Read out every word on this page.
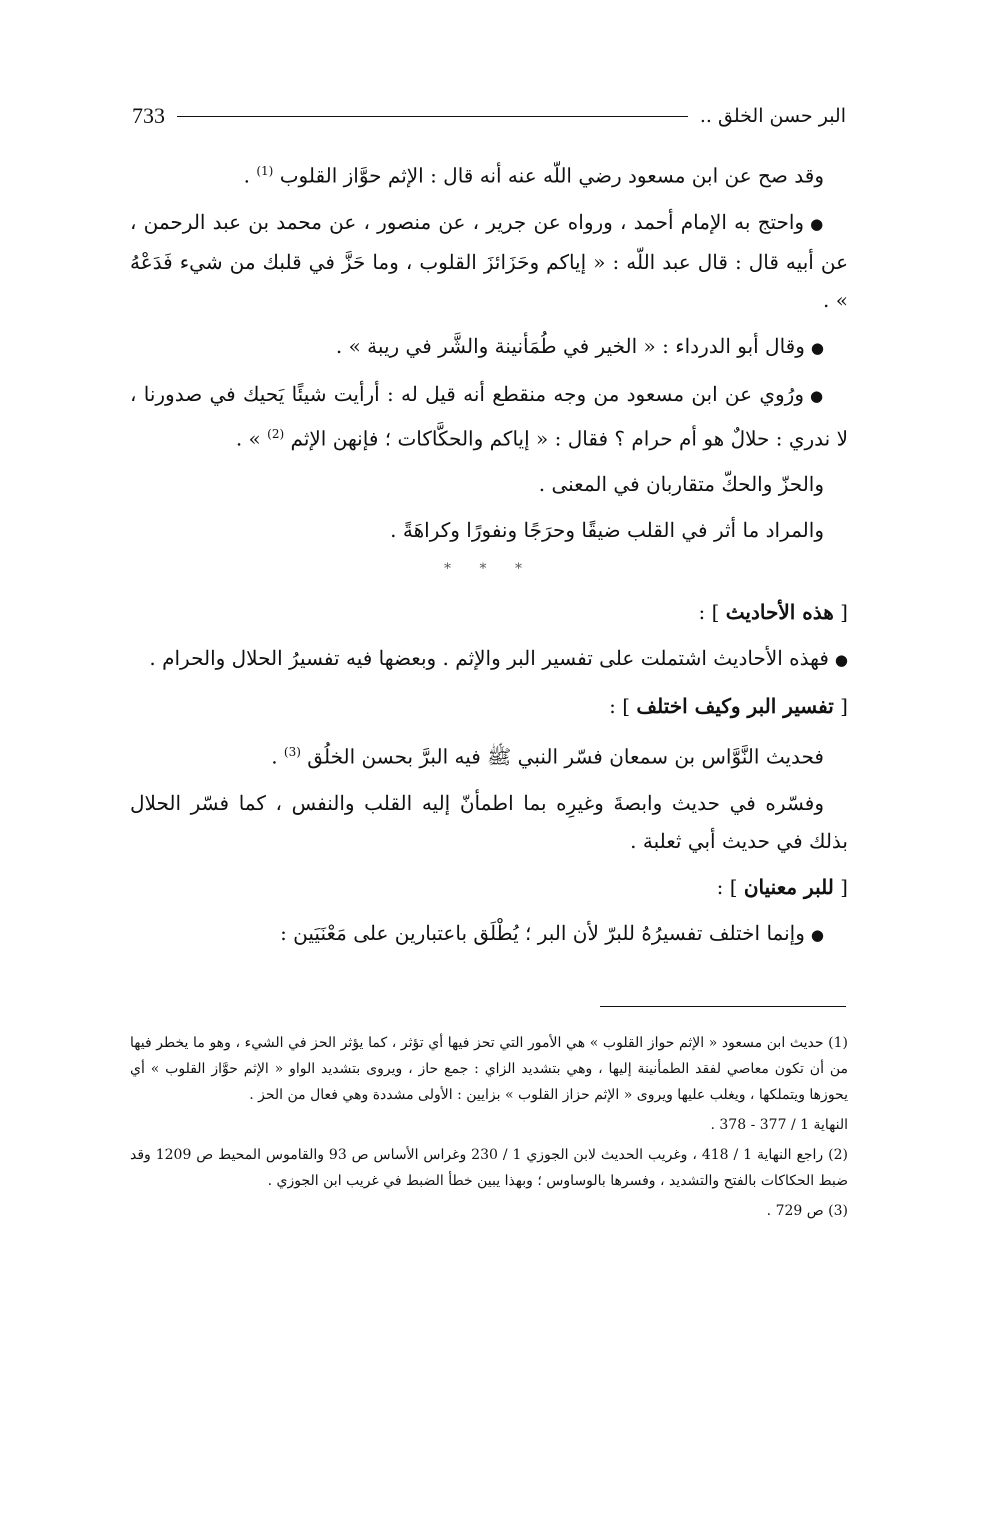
733	البر حسن الخلق ..

وقد صح عن ابن مسعود رضي اللّه عنه أنه قال : الإثم حوَّاز القلوب $^{(1)}$ .

●واحتج به الإمام أحمد ، ورواه عن جرير ، عن منصور ، عن محمد بن عبد الرحمن ، عن أبيه قال : قال عبد اللّه : « إياكم وحَزَائزَ القلوب ، وما حَزَّ في قلبك من شيء فَدَعْهُ » .

●وقال أبو الدرداء : « الخير في طُمَأنينة والشَّر في ريبة » .

●ورُوي عن ابن مسعود من وجه منقطع أنه قيل له : أرأيت شيئًا يَحيك في صدورنا ، لا ندري : حلالٌ هو أم حرام ؟ فقال : « إياكم والحكَّاكات ؛ فإنهن الإثم $^{(2)}$ » .

والحزّ والحكّ متقاربان في المعنى .

والمراد ما أثر في القلب ضيقًا وحرَجًا ونفورًا وكراهَةً .

* * *
[ هذه الأحاديث ] :

●فهذه الأحاديث اشتملت على تفسير البر والإثم . وبعضها فيه تفسيرُ الحلال والحرام .

[ تفسير البر وكيف اختلف ] :

فحديث النَّوَّاس بن سمعان فسّر النبي ﷺ فيه البرَّ بحسن الخلُق $^{(3)}$ .

وفسّره في حديث وابصةَ وغيرِه بما اطمأنّ إليه القلب والنفس ، كما فسّر الحلال بذلك في حديث أبي ثعلبة .

[ للبر معنيان ] :

●وإنما اختلف تفسيرُهُ للبرّ لأن البر ؛ يُطْلَق باعتبارين على مَعْنَيَين :

(1) حديث ابن مسعود « الإثم حواز القلوب » هي الأمور التي تحز فيها أي تؤثر ، كما يؤثر الحز في الشيء ، وهو ما يخطر فيها من أن تكون معاصي لفقد الطمأنينة إليها ، وهي بتشديد الزاي : جمع حاز ، ويروى بتشديد الواو « الإثم حوَّاز القلوب » أي يحوزها ويتملكها ، ويغلب عليها ويروى « الإثم حزاز القلوب » بزايين : الأولى مشددة وهي فعال من الحز .

النهاية 1 / 377 - 378 .

(2) راجع النهاية 1 / 418 ، وغريب الحديث لابن الجوزي 1 / 230 وغراس الأساس ص 93 والقاموس المحيط ص 1209 وقد ضبط الحكاكات بالفتح والتشديد ، وفسرها بالوساوس ؛ وبهذا يبين خطأ الضبط في غريب ابن الجوزي .

(3) ص 729 .
